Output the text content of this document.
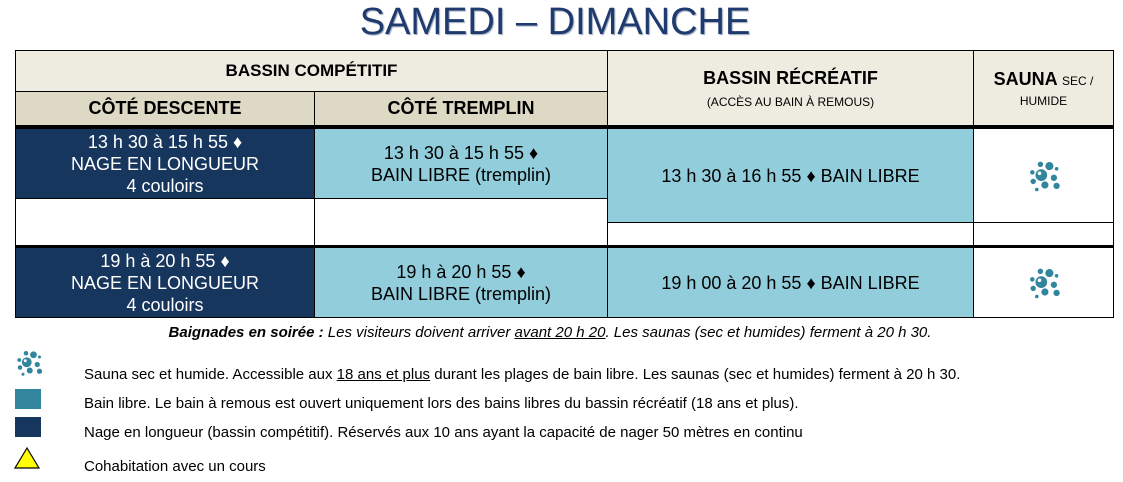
SAMEDI – DIMANCHE
BASSIN COMPÉTITIF
CÔTÉ DESCENTE	CÔTÉ TREMPLIN
BASSIN RÉCRÉATIF
(ACCÈS AU BAIN À REMOUS)
SAUNA SEC /
HUMIDE
13 h 30 à 15 h 55 ♦
NAGE EN LONGUEUR
4 couloirs
13 h 30 à 15 h 55 ♦
BAIN LIBRE (tremplin)	13 h 30 à 16 h 55 ♦ BAIN LIBRE
19 h à 20 h 55 ♦
NAGE EN LONGUEUR
4 couloirs
19 h à 20 h 55 ♦
BAIN LIBRE (tremplin)
19 h 00 à 20 h 55 ♦ BAIN LIBRE
Baignades en soirée : Les visiteurs doivent arriver avant 20 h 20. Les saunas (sec et humides) ferment à 20 h 30.
Sauna sec et humide. Accessible aux 18 ans et plus durant les plages de bain libre. Les saunas (sec et humides) ferment à 20 h 30.
Bain libre. Le bain à remous est ouvert uniquement lors des bains libres du bassin récréatif (18 ans et plus).
Nage en longueur (bassin compétitif). Réservés aux 10 ans ayant la capacité de nager 50 mètres en continu
Cohabitation avec un cours
